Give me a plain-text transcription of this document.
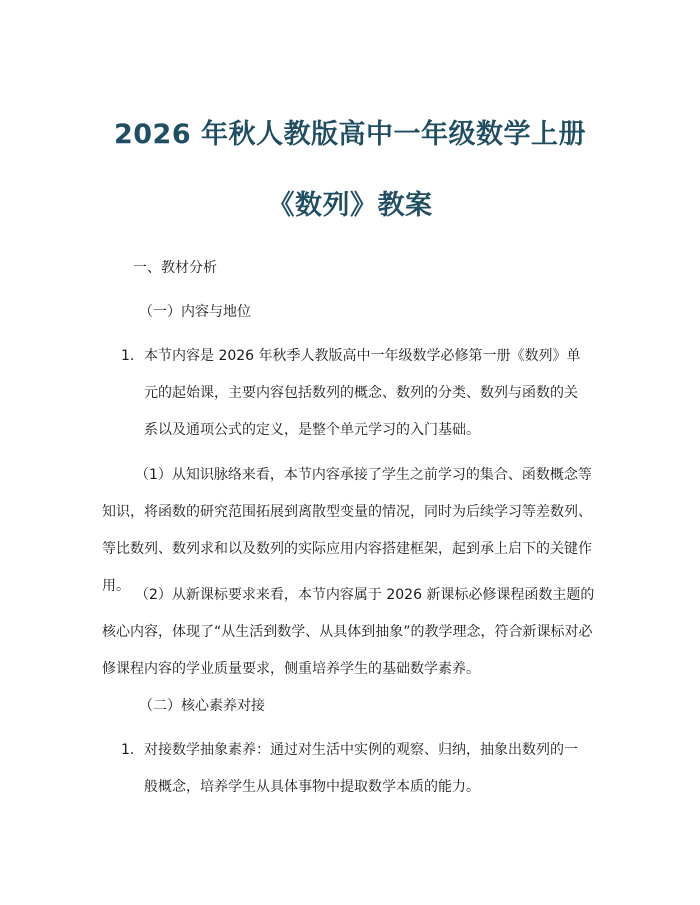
2026 年秋人教版高中一年级数学上册
《数列》教案
一、教材分析
（一）内容与地位
1. 本节内容是 2026 年秋季人教版高中一年级数学必修第一册《数列》单元的起始课，主要内容包括数列的概念、数列的分类、数列与函数的关系以及通项公式的定义，是整个单元学习的入门基础。
（1）从知识脉络来看，本节内容承接了学生之前学习的集合、函数概念等知识，将函数的研究范围拓展到离散型变量的情况，同时为后续学习等差数列、等比数列、数列求和以及数列的实际应用内容搭建框架，起到承上启下的关键作用。
（2）从新课标要求来看，本节内容属于 2026 新课标必修课程函数主题的核心内容，体现了“从生活到数学、从具体到抽象”的教学理念，符合新课标对必修课程内容的学业质量要求，侧重培养学生的基础数学素养。
（二）核心素养对接
1. 对接数学抽象素养：通过对生活中实例的观察、归纳，抽象出数列的一般概念，培养学生从具体事物中提取数学本质的能力。
